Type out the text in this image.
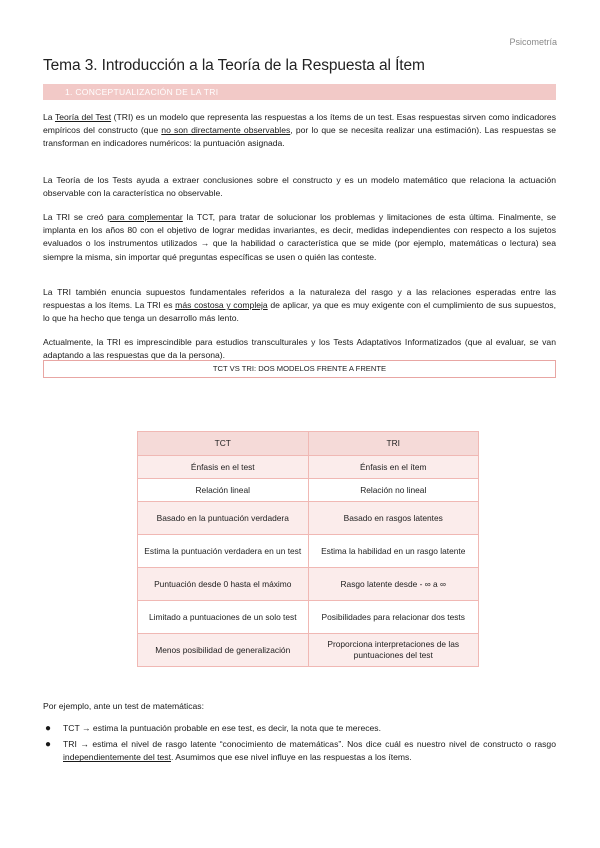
Psicometría
Tema 3. Introducción a la Teoría de la Respuesta al Ítem
1. CONCEPTUALIZACIÓN DE LA TRI

La Teoría del Test (TRI) es un modelo que representa las respuestas a los ítems de un test. Esas respuestas sirven como indicadores empíricos del constructo (que no son directamente observables, por lo que se necesita realizar una estimación). Las respuestas se transforman en indicadores numéricos: la puntuación asignada.

La Teoría de los Tests ayuda a extraer conclusiones sobre el constructo y es un modelo matemático que relaciona la actuación observable con la característica no observable.

La TRI se creó para complementar la TCT, para tratar de solucionar los problemas y limitaciones de esta última. Finalmente, se implanta en los años 80 con el objetivo de lograr medidas invariantes, es decir, medidas independientes con respecto a los sujetos evaluados o los instrumentos utilizados → que la habilidad o característica que se mide (por ejemplo, matemáticas o lectura) sea siempre la misma, sin importar qué preguntas específicas se usen o quién las conteste.

La TRI también enuncia supuestos fundamentales referidos a la naturaleza del rasgo y a las relaciones esperadas entre las respuestas a los ítems. La TRI es más costosa y compleja de aplicar, ya que es muy exigente con el cumplimiento de sus supuestos, lo que ha hecho que tenga un desarrollo más lento.

Actualmente, la TRI es imprescindible para estudios transculturales y los Tests Adaptativos Informatizados (que al evaluar, se van adaptando a las respuestas que da la persona).

TCT VS TRI: DOS MODELOS FRENTE A FRENTE
TCT	TRI
Énfasis en el test	Énfasis en el ítem
Relación lineal	Relación no lineal
Basado en la puntuación verdadera	Basado en rasgos latentes
Estima la puntuación verdadera en un test	Estima la habilidad en un rasgo latente
Puntuación desde 0 hasta el máximo	Rasgo latente desde - ∞ a ∞
Limitado a puntuaciones de un solo test	Posibilidades para relacionar dos tests
Menos posibilidad de generalización	Proporciona interpretaciones de las puntuaciones del test

Por ejemplo, ante un test de matemáticas:

● TCT → estima la puntuación probable en ese test, es decir, la nota que te mereces.
● TRI → estima el nivel de rasgo latente “conocimiento de matemáticas”. Nos dice cuál es nuestro nivel de constructo o rasgo independientemente del test. Asumimos que ese nivel influye en las respuestas a los ítems.
